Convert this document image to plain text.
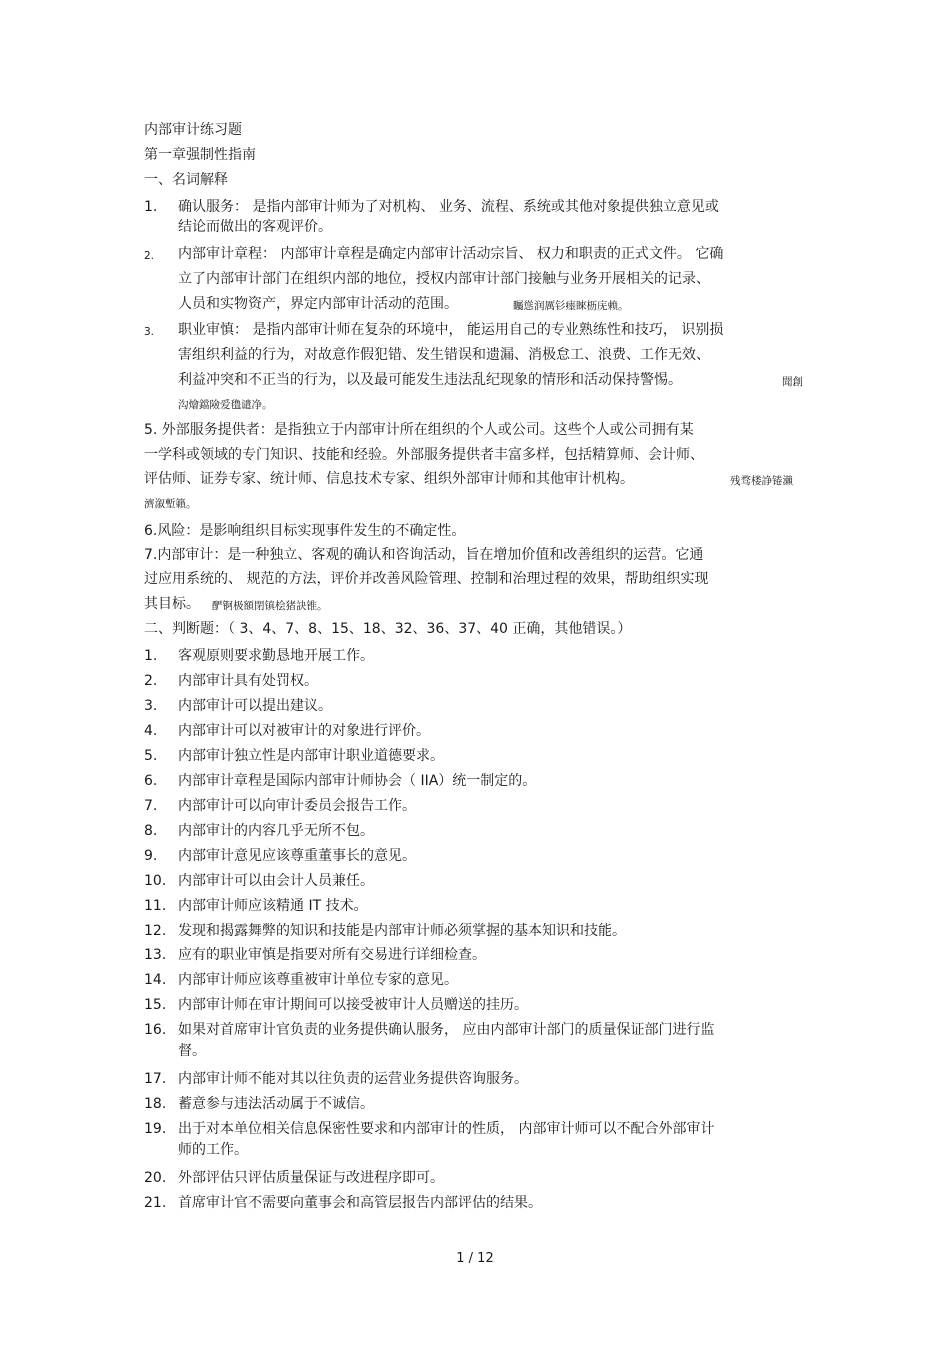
内部审计练习题
第一章强制性指南
一、名词解释
1. 确认服务： 是指内部审计师为了对机构、 业务、流程、系统或其他对象提供独立意见或
结论而做出的客观评价。
2. 内部审计章程： 内部审计章程是确定内部审计活动宗旨、 权力和职责的正式文件。 它确
立了内部审计部门在组织内部的地位，授权内部审计部门接触与业务开展相关的记录、
人员和实物资产，界定内部审计活动的范围。	矚慫润厲钐瘗睞枥庑赖。
3. 职业审慎： 是指内部审计师在复杂的环境中， 能运用自己的专业熟练性和技巧， 识别损
害组织利益的行为，对故意作假犯错、发生错误和遗漏、消极怠工、浪费、工作无效、
利益冲突和不正当的行为，以及最可能发生违法乱纪现象的情形和活动保持警惕。	聞創
沟燴鐺險爱氇谴净。
5. 外部服务提供者：是指独立于内部审计所在组织的个人或公司。这些个人或公司拥有某
一学科或领域的专门知识、技能和经验。外部服务提供者丰富多样，包括精算师、会计师、
评估师、证券专家、统计师、信息技术专家、组织外部审计师和其他审计机构。	残骛楼諍锩瀨
濟溆塹籟。
6.风险：是影响组织目标实现事件发生的不确定性。
7.内部审计：是一种独立、客观的确认和咨询活动，旨在增加价值和改善组织的运营。它通
过应用系统的、 规范的方法，评价并改善风险管理、控制和治理过程的效果，帮助组织实现
其目标。 酽锕极額閉镇桧猪訣锥。
二、判断题：（ 3、4、7、8、15、18、32、36、37、40 正确，其他错误。）
1. 客观原则要求勤恳地开展工作。
2. 内部审计具有处罚权。
3. 内部审计可以提出建议。
4. 内部审计可以对被审计的对象进行评价。
5. 内部审计独立性是内部审计职业道德要求。
6. 内部审计章程是国际内部审计师协会（ IIA）统一制定的。
7. 内部审计可以向审计委员会报告工作。
8. 内部审计的内容几乎无所不包。
9. 内部审计意见应该尊重董事长的意见。
10. 内部审计可以由会计人员兼任。
11. 内部审计师应该精通 IT 技术。
12. 发现和揭露舞弊的知识和技能是内部审计师必须掌握的基本知识和技能。
13. 应有的职业审慎是指要对所有交易进行详细检查。
14. 内部审计师应该尊重被审计单位专家的意见。
15. 内部审计师在审计期间可以接受被审计人员赠送的挂历。
16. 如果对首席审计官负责的业务提供确认服务， 应由内部审计部门的质量保证部门进行监
督。
17. 内部审计师不能对其以往负责的运营业务提供咨询服务。
18. 蓄意参与违法活动属于不诚信。
19. 出于对本单位相关信息保密性要求和内部审计的性质， 内部审计师可以不配合外部审计
师的工作。
20. 外部评估只评估质量保证与改进程序即可。
21. 首席审计官不需要向董事会和高管层报告内部评估的结果。
1 / 12
